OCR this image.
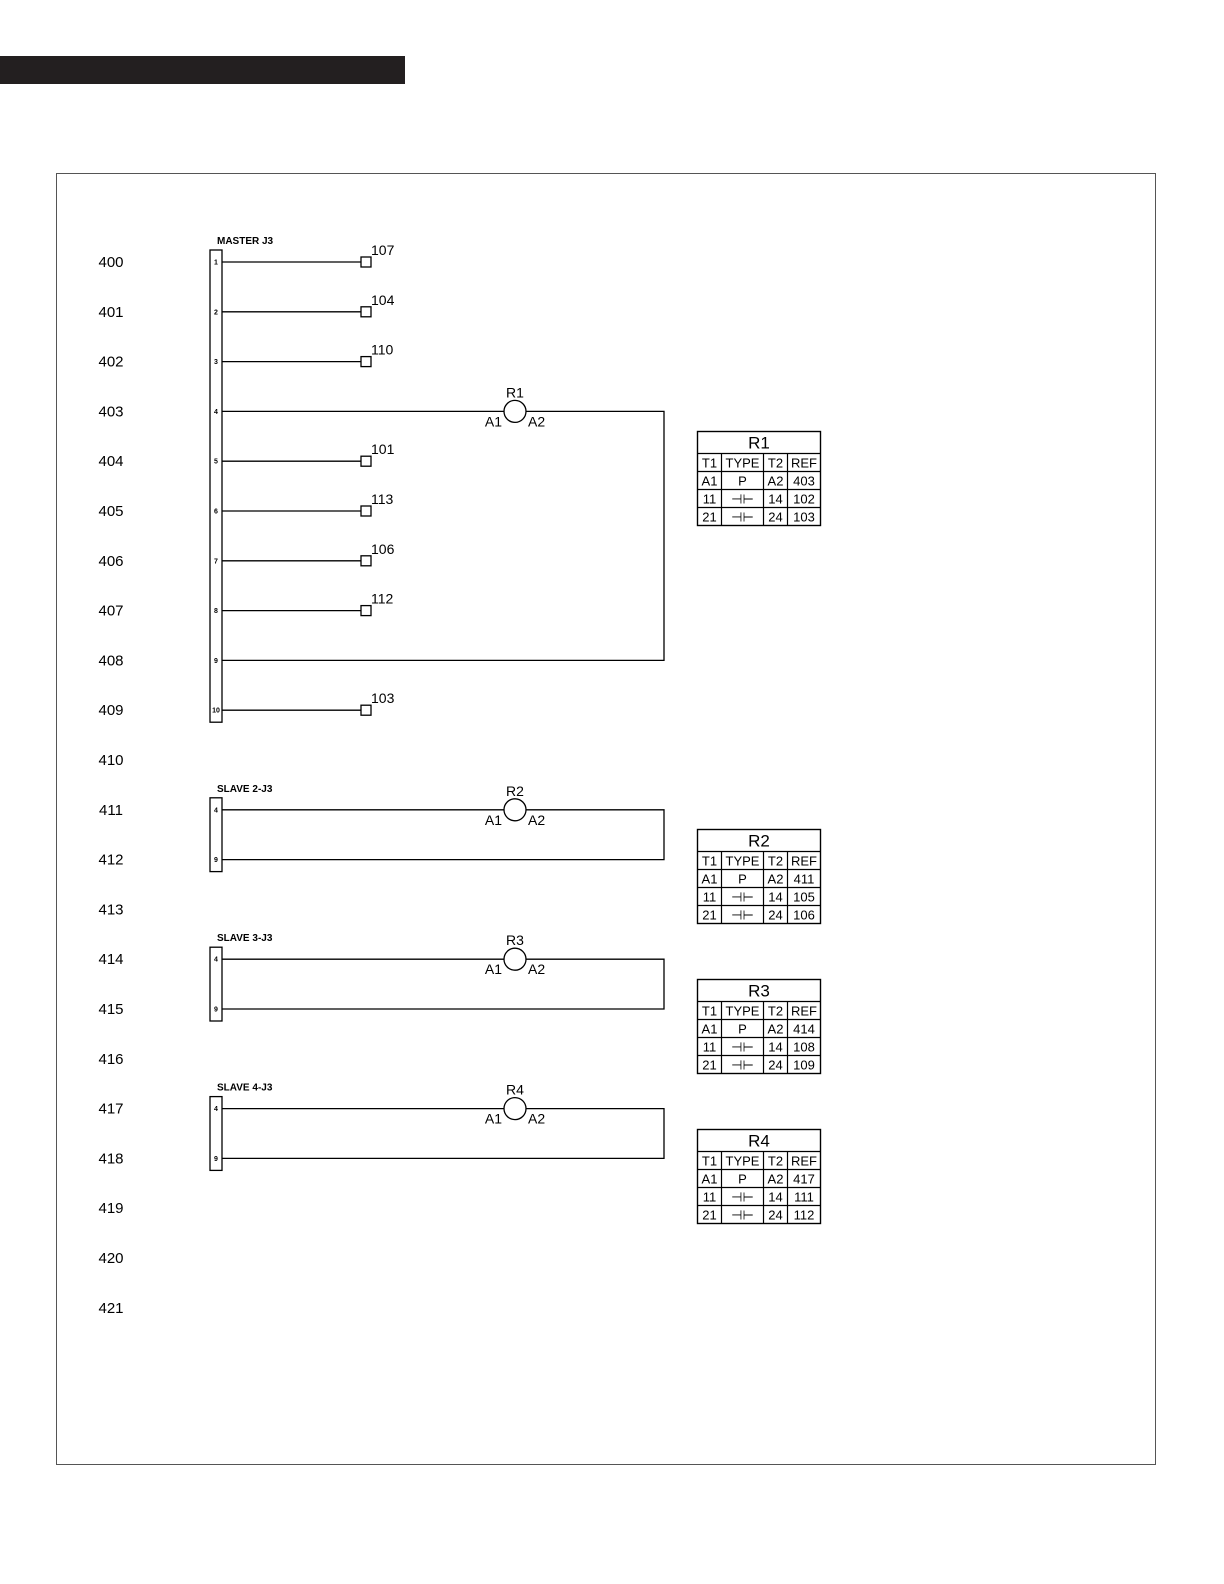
400
401
402
403
404
405
406
407
408
409
410
411
412
413
414
415
416
417
418
419
420
421
MASTER J3
1
107
2
104
3
110
4
5
101
6
113
7
106
8
112
9
10
103
R1
A1 A2
SLAVE 2-J3
4
9
R2
A1 A2
SLAVE 3-J3
4
9
R3
A1 A2
SLAVE 4-J3
4
9
R4
A1 A2
R1
T1 TYPE T2 REF
A1 P A2 403
11 ⊣⊢ 14 102
21 ⊣⊢ 24 103
R2
T1 TYPE T2 REF
A1 P A2 411
11 ⊣⊢ 14 105
21 ⊣⊢ 24 106
R3
T1 TYPE T2 REF
A1 P A2 414
11 ⊣⊢ 14 108
21 ⊣⊢ 24 109
R4
T1 TYPE T2 REF
A1 P A2 417
11 ⊣⊢ 14 111
21 ⊣⊢ 24 112
